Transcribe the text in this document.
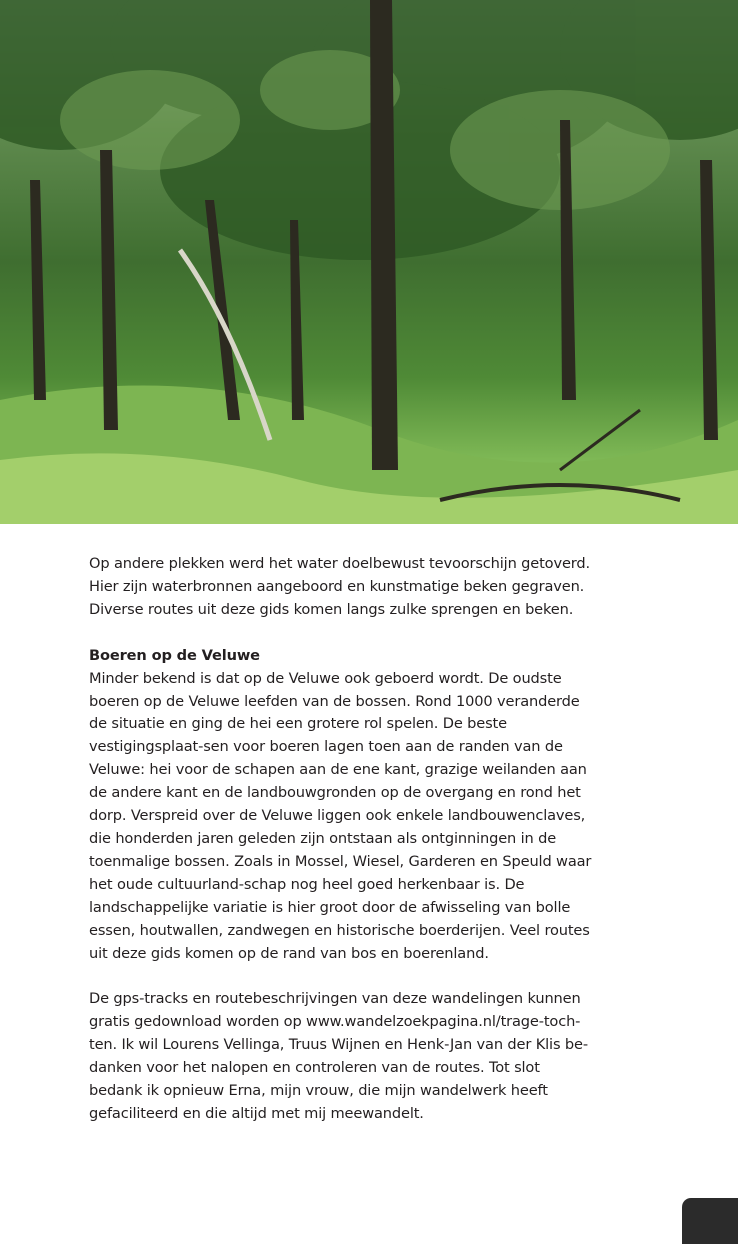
Op andere plekken werd het water doelbewust tevoorschijn getoverd. Hier zijn waterbronnen aangeboord en kunstmatige beken gegraven. Diverse routes uit deze gids komen langs zulke sprengen en beken.

Boeren op de Veluwe

Minder bekend is dat op de Veluwe ook geboerd wordt. De oudste boeren op de Veluwe leefden van de bossen. Rond 1000 veranderde de situatie en ging de hei een grotere rol spelen. De beste vestigingsplaat-sen voor boeren lagen toen aan de randen van de Veluwe: hei voor de schapen aan de ene kant, grazige weilanden aan de andere kant en de landbouwgronden op de overgang en rond het dorp. Verspreid over de Veluwe liggen ook enkele landbouwenclaves, die honderden jaren geleden zijn ontstaan als ontginningen in de toenmalige bossen. Zoals in Mossel, Wiesel, Garderen en Speuld waar het oude cultuurland-schap nog heel goed herkenbaar is. De landschappelijke variatie is hier groot door de afwisseling van bolle essen, houtwallen, zandwegen en historische boerderijen. Veel routes uit deze gids komen op de rand van bos en boerenland.

De gps-tracks en routebeschrijvingen van deze wandelingen kunnen gratis gedownload worden op www.wandelzoekpagina.nl/trage-toch-ten. Ik wil Lourens Vellinga, Truus Wijnen en Henk-Jan van der Klis be-danken voor het nalopen en controleren van de routes. Tot slot bedank ik opnieuw Erna, mijn vrouw, die mijn wandelwerk heeft gefaciliteerd en die altijd met mij meewandelt.
